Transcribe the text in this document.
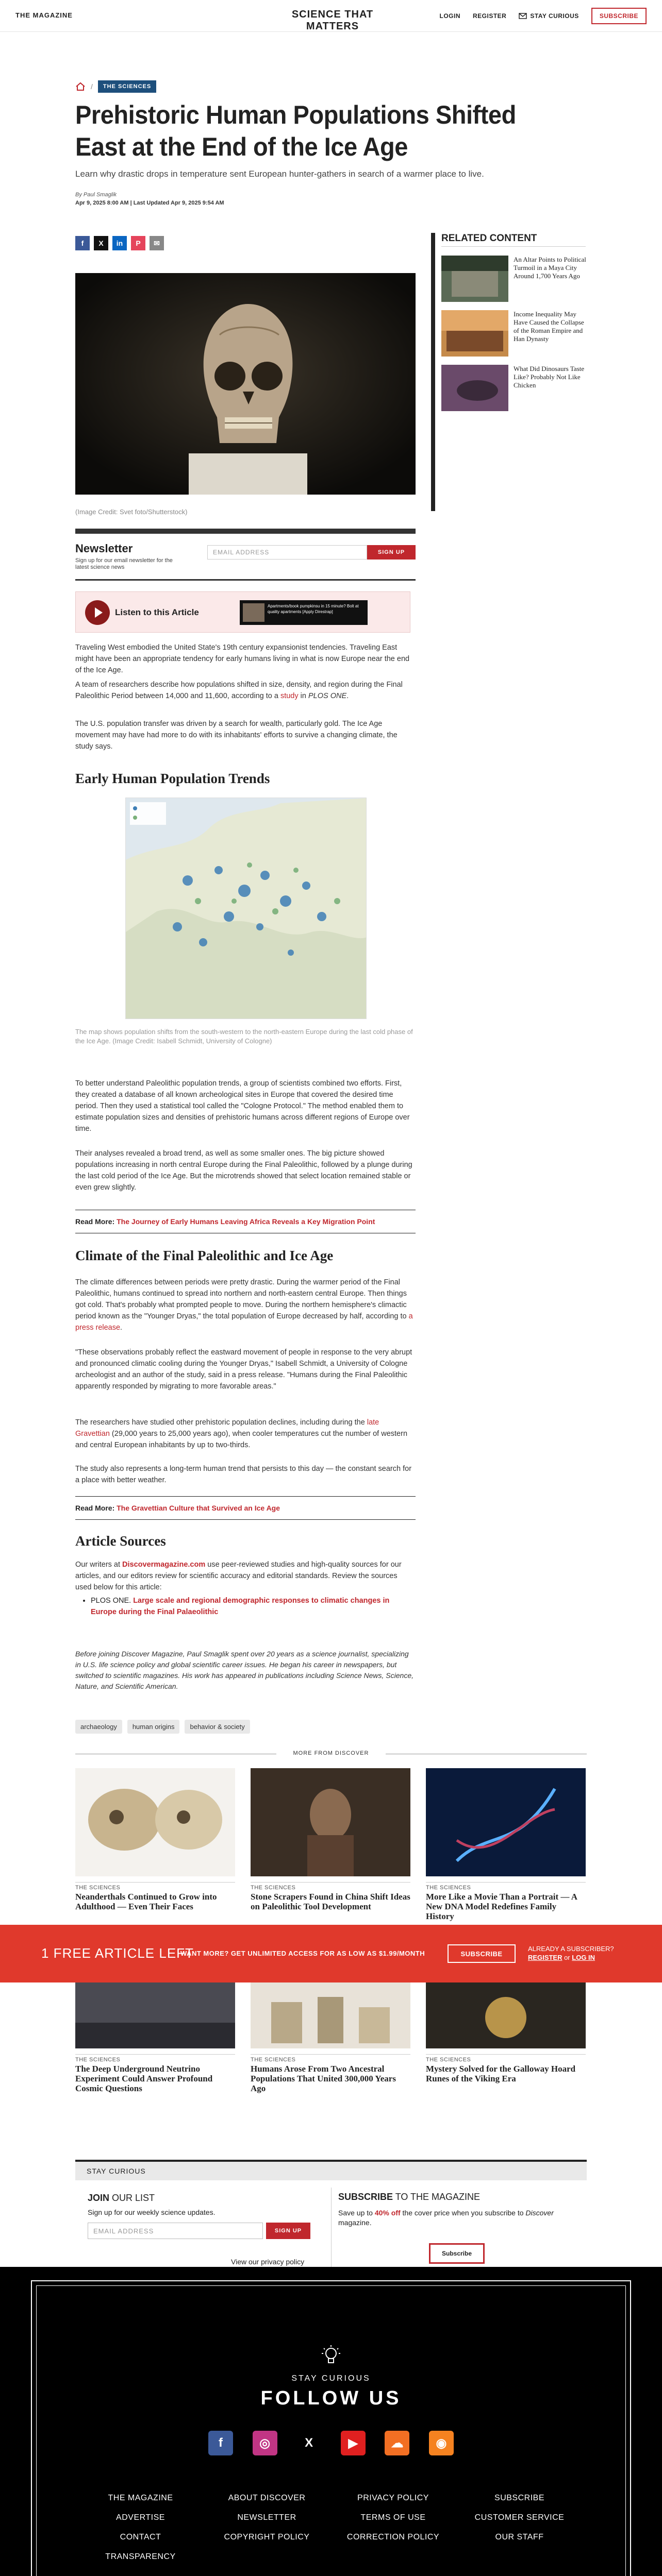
THE MAGAZINE	SCIENCE THAT MATTERS
LOGIN REGISTER	STAY CURIOUS	SUBSCRIBE
/	THE SCIENCES
Prehistoric Human Populations Shifted East at the End of the Ice Age

Learn why drastic drops in temperature sent European hunter-gathers in search of a warmer place to live.

By Paul Smaglik
Apr 9, 2025 8:00 AM | Last Updated Apr 9, 2025 9:54 AM
f	X	in	P	✉	RELATED CONTENT
An Altar Points to Political Turmoil in a Maya City Around 1,700 Years Ago
Income Inequality May Have Caused the Collapse of the Roman Empire and Han Dynasty
What Did Dinosaurs Taste Like? Probably Not Like Chicken
(Image Credit: Svet foto/Shutterstock)
Newsletter
Sign up for our email newsletter for the latest science news
EMAIL ADDRESS	SIGN UP
Listen to this Article
Apartments/book pumpkinsu in 15 minute? Bolt at quality apartments [Apply Direstrap]
Traveling West embodied the United State's 19th century expansionist tendencies. Traveling East might have been an appropriate tendency for early humans living in what is now Europe near the end of the Ice Age.
A team of researchers describe how populations shifted in size, density, and region during the Final Paleolithic Period between 14,000 and 11,600, according to a study in PLOS ONE.
The U.S. population transfer was driven by a search for wealth, particularly gold. The Ice Age movement may have had more to do with its inhabitants' efforts to survive a changing climate, the study says.
Early Human Population Trends
The map shows population shifts from the south-western to the north-eastern Europe during the last cold phase of the Ice Age. (Image Credit: Isabell Schmidt, University of Cologne)
To better understand Paleolithic population trends, a group of scientists combined two efforts. First, they created a database of all known archeological sites in Europe that covered the desired time period. Then they used a statistical tool called the "Cologne Protocol." The method enabled them to estimate population sizes and densities of prehistoric humans across different regions of Europe over time.
Their analyses revealed a broad trend, as well as some smaller ones. The big picture showed populations increasing in north central Europe during the Final Paleolithic, followed by a plunge during the last cold period of the Ice Age. But the microtrends showed that select location remained stable or even grew slightly.
Read More: The Journey of Early Humans Leaving Africa Reveals a Key Migration Point
Climate of the Final Paleolithic and Ice Age
The climate differences between periods were pretty drastic. During the warmer period of the Final Paleolithic, humans continued to spread into northern and north-eastern central Europe. Then things got cold. That's probably what prompted people to move. During the northern hemisphere's climactic period known as the "Younger Dryas," the total population of Europe decreased by half, according to a press release.
"These observations probably reflect the eastward movement of people in response to the very abrupt and pronounced climatic cooling during the Younger Dryas," Isabell Schmidt, a University of Cologne archeologist and an author of the study, said in a press release. "Humans during the Final Paleolithic apparently responded by migrating to more favorable areas."
The researchers have studied other prehistoric population declines, including during the late Gravettian (29,000 years to 25,000 years ago), when cooler temperatures cut the number of western and central European inhabitants by up to two-thirds.
The study also represents a long-term human trend that persists to this day — the constant search for a place with better weather.
Read More: The Gravettian Culture that Survived an Ice Age
Article Sources
Our writers at Discovermagazine.com use peer-reviewed studies and high-quality sources for our articles, and our editors review for scientific accuracy and editorial standards. Review the sources used below for this article:
• PLOS ONE. Large scale and regional demographic responses to climatic changes in Europe during the Final Palaeolithic
Before joining Discover Magazine, Paul Smaglik spent over 20 years as a science journalist, specializing in U.S. life science policy and global scientific career issues. He began his career in newspapers, but switched to scientific magazines. His work has appeared in publications including Science News, Science, Nature, and Scientific American.
archaeology	human origins	behavior & society
MORE FROM DISCOVER
THE SCIENCES
Neanderthals Continued to Grow into Adulthood — Even Their Faces
THE SCIENCES
Stone Scrapers Found in China Shift Ideas on Paleolithic Tool Development
THE SCIENCES
More Like a Movie Than a Portrait — A New DNA Model Redefines Family History
THE SCIENCES
The Deep Underground Neutrino Experiment Could Answer Profound Cosmic Questions
THE SCIENCES
Humans Arose From Two Ancestral Populations That United 300,000 Years Ago
THE SCIENCES
Mystery Solved for the Galloway Hoard Runes of the Viking Era
1 FREE ARTICLE LEFT
WANT MORE? GET UNLIMITED ACCESS FOR AS LOW AS $1.99/MONTH	SUBSCRIBE
ALREADY A SUBSCRIBER?
REGISTER or LOG IN
STAY CURIOUS
JOIN OUR LIST
Sign up for our weekly science updates.
EMAIL ADDRESS	SIGN UP
View our privacy policy
SUBSCRIBE TO THE MAGAZINE
Save up to 40% off the cover price when you subscribe to Discover magazine.
Subscribe
STAY CURIOUS
FOLLOW US
f	◎	X	▶	☁	◉
THE MAGAZINE	ABOUT DISCOVER	PRIVACY POLICY	SUBSCRIBE
ADVERTISE	NEWSLETTER	TERMS OF USE	CUSTOMER SERVICE
CONTACT	COPYRIGHT POLICY	CORRECTION POLICY	OUR STAFF
TRANSPARENCY
